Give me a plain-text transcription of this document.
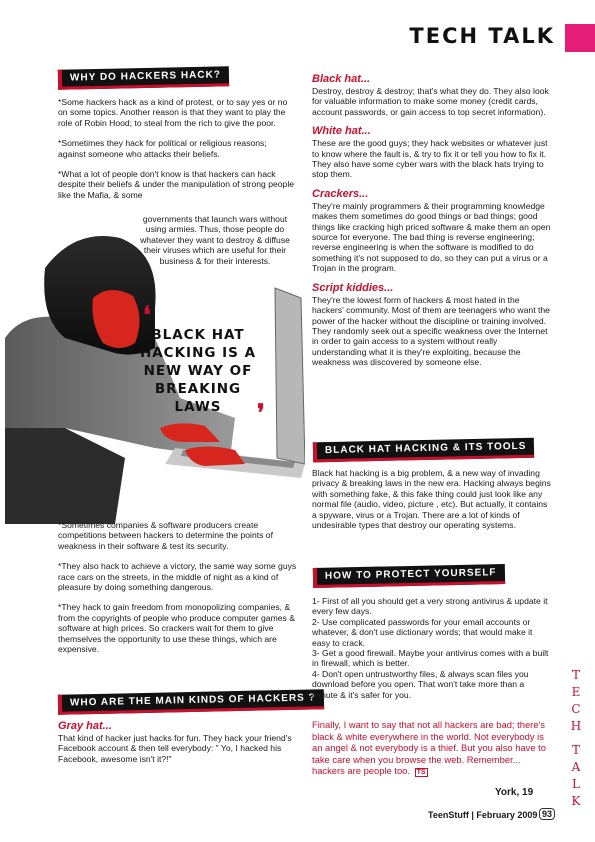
TECH TALK
WHY DO HACKERS HACK?

*Some hackers hack as a kind of protest, or to say yes or no on some topics. Another reason is that they want to play the role of Robin Hood; to steal from the rich to give the poor.

*Sometimes they hack for political or religious reasons; against someone who attacks their beliefs.

*What a lot of people don't know is that hackers can hack despite their beliefs & under the manipulation of strong people like the Mafia, & some

governments that launch wars without using armies. Thus, those people do whatever they want to destroy & diffuse their viruses which are useful for their business & for their interests.

❛
BLACK HAT HACKING IS A NEW WAY OF BREAKING LAWS	❜

*Sometimes companies & software producers create competitions between hackers to determine the points of weakness in their software & test its security.

*They also hack to achieve a victory, the same way some guys race cars on the streets, in the middle of night as a kind of pleasure by doing something dangerous.

*They hack to gain freedom from monopolizing companies, & from the copyrights of people who produce computer games & software at high prices. So crackers wait for them to give themselves the opportunity to use these things, which are expensive.

WHO ARE THE MAIN KINDS OF HACKERS ?

Gray hat...

That kind of hacker just hacks for fun. They hack your friend's Facebook account & then tell everybody: " Yo, I hacked his Facebook, awesome isn't it?!"

Black hat...

Destroy, destroy & destroy; that's what they do. They also look for valuable information to make some money (credit cards, account passwords, or gain access to top secret information).

White hat...

These are the good guys; they hack websites or whatever just to know where the fault is, & try to fix it or tell you how to fix it. They also have some cyber wars with the black hats trying to stop them.

Crackers...

They're mainly programmers & their programming knowledge makes them sometimes do good things or bad things; good things like cracking high priced software & make them an open source for everyone. The bad thing is reverse engineering; reverse engineering is when the software is modified to do something it's not supposed to do, so they can put a virus or a Trojan in the program.

Script kiddies...

They're the lowest form of hackers & most hated in the hackers' community. Most of them are teenagers who want the power of the hacker without the discipline or training involved. They randomly seek out a specific weakness over the Internet in order to gain access to a system without really understanding what it is they're exploiting, because the weakness was discovered by someone else.

BLACK HAT HACKING & ITS TOOLS

Black hat hacking is a big problem, & a new way of invading privacy & breaking laws in the new era. Hacking always begins with something fake, & this fake thing could just look like any normal file (audio, video, picture , etc). But actually, it contains a spyware, virus or a Trojan. There are a lot of kinds of undesirable types that destroy our operating systems.

HOW TO PROTECT YOURSELF

1- First of all you should get a very strong antivirus & update it every few days.

2- Use complicated passwords for your email accounts or whatever, & don't use dictionary words; that would make it easy to crack.

3- Get a good firewall. Maybe your antivirus comes with a built in firewall, which is better.

4- Don't open untrustworthy files, & always scan files you download before you open. That won't take more than a minute & it's safer for you.

Finally, I want to say that not all hackers are bad; there's black & white everywhere in the world. Not everybody is an angel & not everybody is a thief. But you also have to take care when you browse the web. Remember... hackers are people too. TS

York, 19
TeenStuff | February 2009 93
T
E
C
H
T
A
L
K
